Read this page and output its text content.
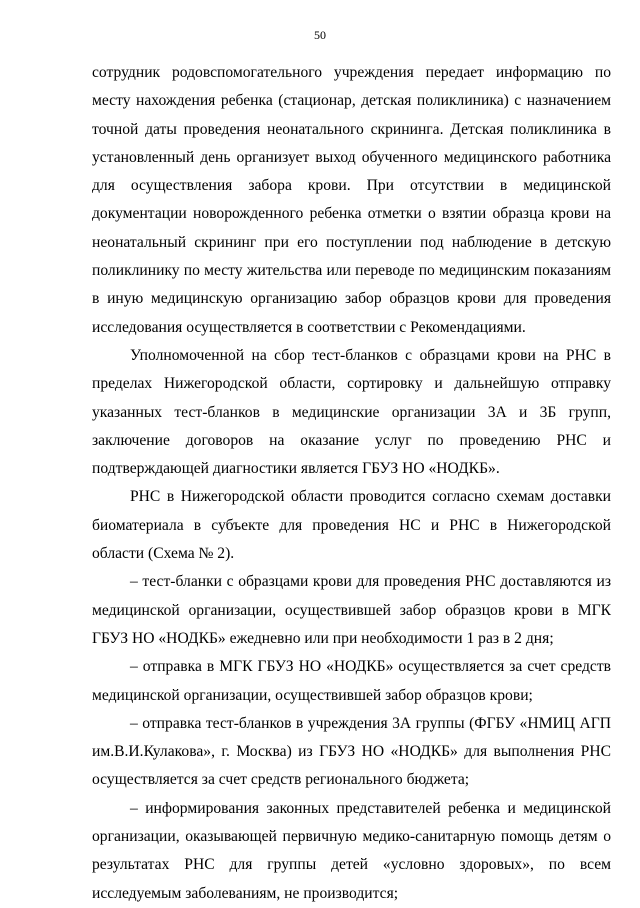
50

сотрудник родовспомогательного учреждения передает информацию по месту нахождения ребенка (стационар, детская поликлиника) с назначением точной даты проведения неонатального скрининга. Детская поликлиника в установленный день организует выход обученного медицинского работника для осуществления забора крови. При отсутствии в медицинской документации новорожденного ребенка отметки о взятии образца крови на неонатальный скрининг при его поступлении под наблюдение в детскую поликлинику по месту жительства или переводе по медицинским показаниям в иную медицинскую организацию забор образцов крови для проведения исследования осуществляется в соответствии с Рекомендациями.

Уполномоченной на сбор тест-бланков с образцами крови на РНС в пределах Нижегородской области, сортировку и дальнейшую отправку указанных тест-бланков в медицинские организации 3А и 3Б групп, заключение договоров на оказание услуг по проведению РНС и подтверждающей диагностики является ГБУЗ НО «НОДКБ».

РНС в Нижегородской области проводится согласно схемам доставки биоматериала в субъекте для проведения НС и РНС в Нижегородской области (Схема № 2).

– тест-бланки с образцами крови для проведения РНС доставляются из медицинской организации, осуществившей забор образцов крови в МГК ГБУЗ НО «НОДКБ» ежедневно или при необходимости 1 раз в 2 дня;

– отправка в МГК ГБУЗ НО «НОДКБ» осуществляется за счет средств медицинской организации, осуществившей забор образцов крови;

– отправка тест-бланков в учреждения 3А группы (ФГБУ «НМИЦ АГП им.В.И.Кулакова», г. Москва) из ГБУЗ НО «НОДКБ» для выполнения РНС осуществляется за счет средств регионального бюджета;

– информирования законных представителей ребенка и медицинской организации, оказывающей первичную медико-санитарную помощь детям о результатах РНС для группы детей «условно здоровых», по всем исследуемым заболеваниям, не производится;
